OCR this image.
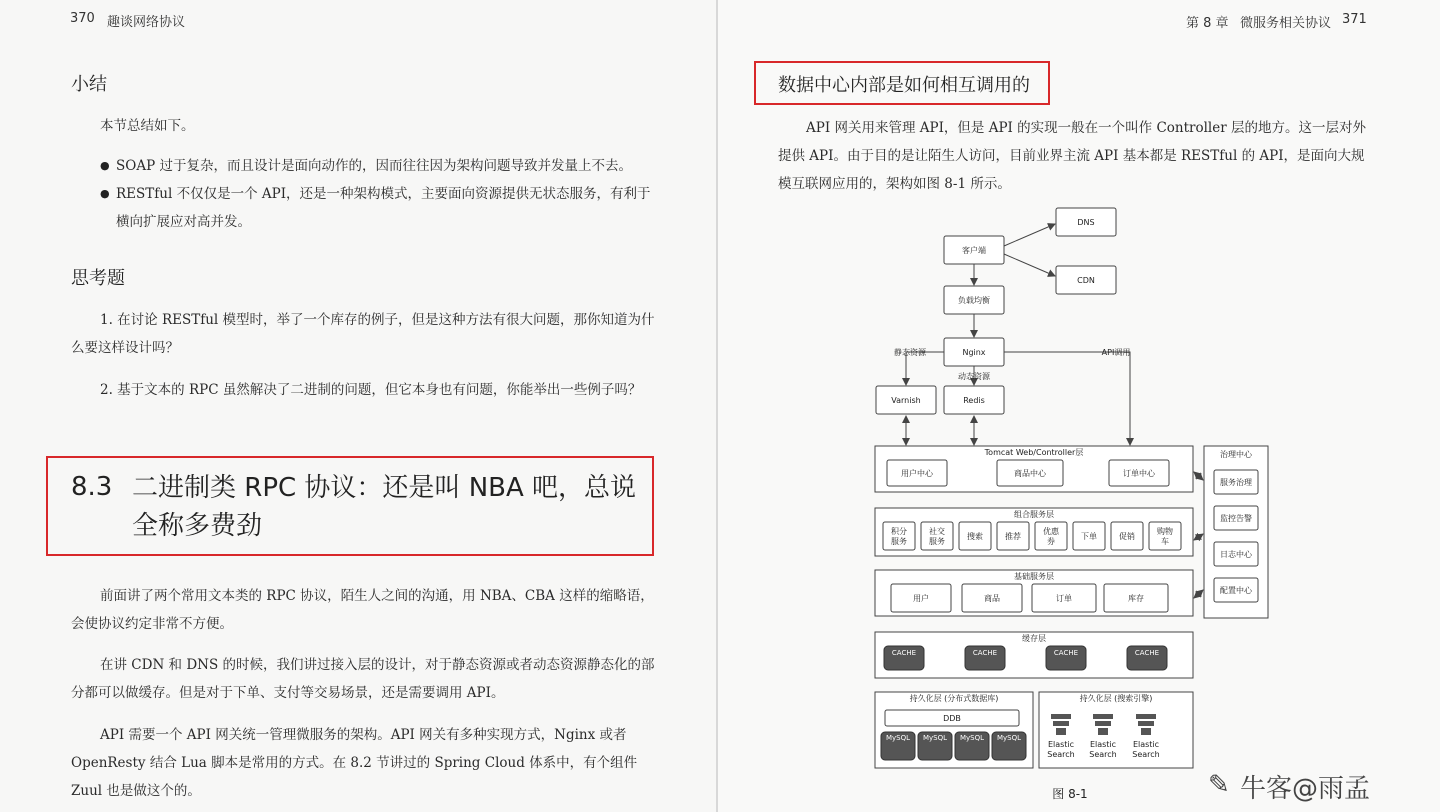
370 趣谈网络协议
小结
本节总结如下。
● SOAP 过于复杂，而且设计是面向动作的，因而往往因为架构问题导致并发量上不去。
● RESTful 不仅仅是一个 API，还是一种架构模式，主要面向资源提供无状态服务，有利于横向扩展应对高并发。
思考题
1. 在讨论 RESTful 模型时，举了一个库存的例子，但是这种方法有很大问题，那你知道为什么要这样设计吗？
2. 基于文本的 RPC 虽然解决了二进制的问题，但它本身也有问题，你能举出一些例子吗？
8.3 二进制类 RPC 协议：还是叫 NBA 吧，总说全称多费劲
前面讲了两个常用文本类的 RPC 协议，陌生人之间的沟通，用 NBA、CBA 这样的缩略语，会使协议约定非常不方便。
在讲 CDN 和 DNS 的时候，我们讲过接入层的设计，对于静态资源或者动态资源静态化的部分都可以做缓存。但是对于下单、支付等交易场景，还是需要调用 API。
API 需要一个 API 网关统一管理微服务的架构。API 网关有多种实现方式，Nginx 或者 OpenResty 结合 Lua 脚本是常用的方式。在 8.2 节讲过的 Spring Cloud 体系中，有个组件 Zuul 也是做这个的。
第 8 章 微服务相关协议 371
数据中心内部是如何相互调用的
API 网关用来管理 API，但是 API 的实现一般在一个叫作 Controller 层的地方。这一层对外提供 API。由于目的是让陌生人访问，目前业界主流 API 基本都是 RESTful 的 API，是面向大规模互联网应用的，架构如图 8-1 所示。
积分
服务
社交
服务
搜索	推荐
优惠
券
下单	促销
购物
车
客户端
DNS
CDN
负载均衡
Nginx
静态资源
动态资源
API调用
Varnish	Redis
Tomcat Web/Controller层
用户中心	商品中心	订单中心
组合服务层
基础服务层
用户	商品	订单	库存
缓存层
持久化层 (分布式数据库)
DDB
持久化层 (搜索引擎)
治理中心
服务治理
监控告警
日志中心
配置中心
CACHE	CACHE	CACHE	CACHE
MySQL MySQL MySQL MySQL
Elastic
Search
Elastic
Search
Elastic
Search
图 8-1	✎ 牛客@雨孟
